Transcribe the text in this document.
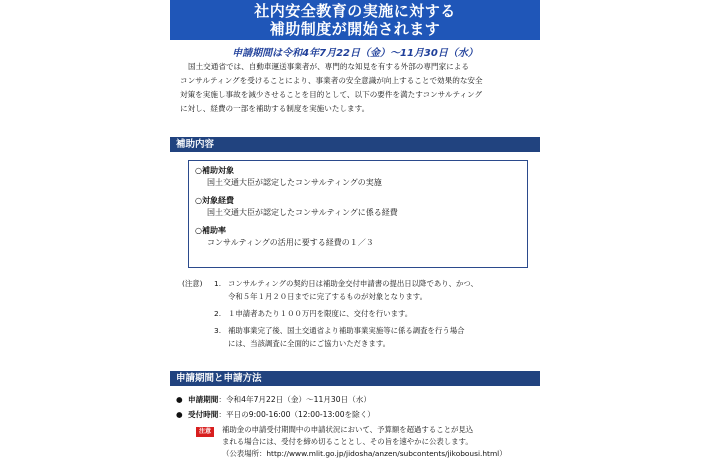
社内安全教育の実施に対する
補助制度が開始されます
申請期間は令和4年7月22日（金）～11月30日（水）

国土交通省では、自動車運送事業者が、専門的な知見を有する外部の専門家による

コンサルティングを受けることにより、事業者の安全意識が向上することで効果的な安全
対策を実施し事故を減少させることを目的として、以下の要件を満たすコンサルティング
に対し、経費の一部を補助する制度を実施いたします。
補助内容
○補助対象
国土交通大臣が認定したコンサルティングの実施
○対象経費
国土交通大臣が認定したコンサルティングに係る経費
○補助率
コンサルティングの活用に要する経費の１／３
(注意)	1. コンサルティングの契約日は補助金交付申請書の提出日以降であり、かつ、
令和５年１月２０日までに完了するものが対象となります。
2. １申請者あたり１００万円を限度に、交付を行います。
3. 補助事業完了後、国土交通省より補助事業実施等に係る調査を行う場合
には、当該調査に全面的にご協力いただきます。
申請期間と申請方法
● 申請期間 ：令和4年7月22日（金）～11月30日（水）
● 受付時間 ：平日の9:00-16:00（12:00-13:00を除く）
注意	補助金の申請受付期間中の申請状況において、予算額を超過することが見込
まれる場合には、受付を締め切ることとし、その旨を速やかに公表します。
（公表場所：http://www.mlit.go.jp/jidosha/anzen/subcontents/jikobousi.html）
